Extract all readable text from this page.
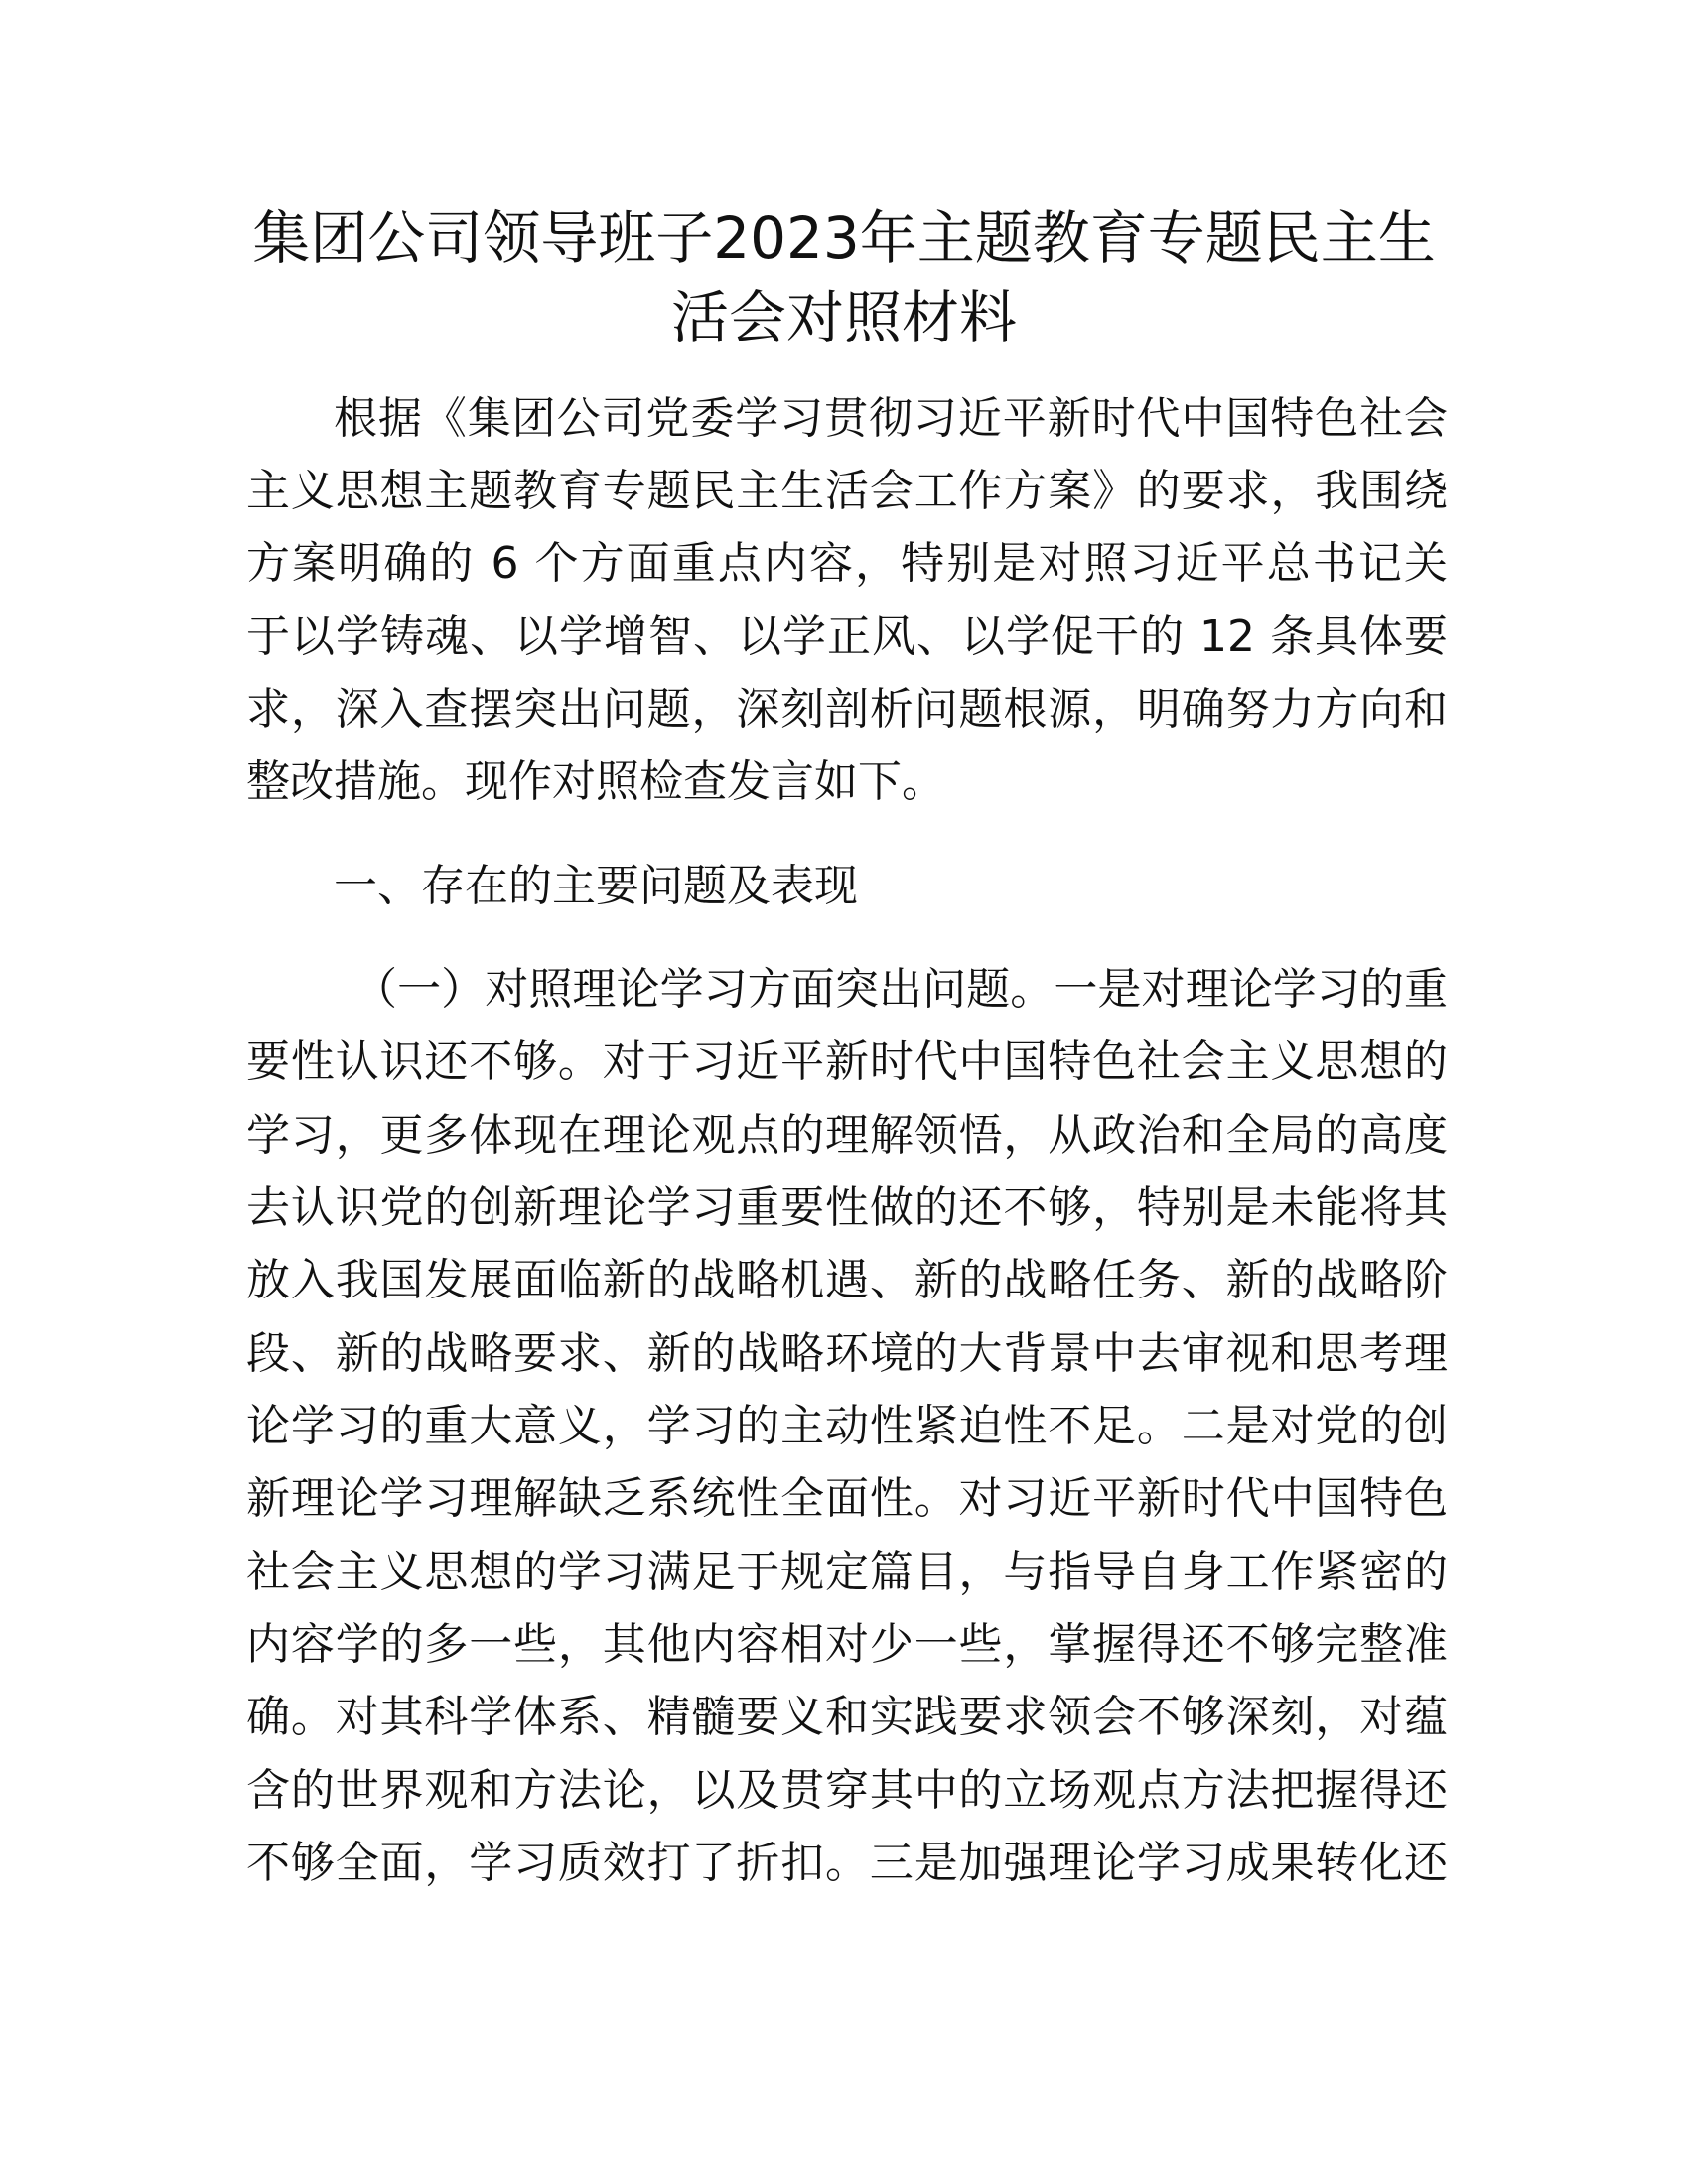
集团公司领导班子2023年主题教育专题民主生
活会对照材料
根据《集团公司党委学习贯彻习近平新时代中国特色社会
主义思想主题教育专题民主生活会工作方案》的要求，我围绕
方案明确的 6 个方面重点内容，特别是对照习近平总书记关
于以学铸魂、以学增智、以学正风、以学促干的 12 条具体要
求，深入查摆突出问题，深刻剖析问题根源，明确努力方向和
整改措施。现作对照检查发言如下。
一、存在的主要问题及表现
（一）对照理论学习方面突出问题。一是对理论学习的重
要性认识还不够。对于习近平新时代中国特色社会主义思想的
学习，更多体现在理论观点的理解领悟，从政治和全局的高度
去认识党的创新理论学习重要性做的还不够，特别是未能将其
放入我国发展面临新的战略机遇、新的战略任务、新的战略阶
段、新的战略要求、新的战略环境的大背景中去审视和思考理
论学习的重大意义，学习的主动性紧迫性不足。二是对党的创
新理论学习理解缺乏系统性全面性。对习近平新时代中国特色
社会主义思想的学习满足于规定篇目，与指导自身工作紧密的
内容学的多一些，其他内容相对少一些，掌握得还不够完整准
确。对其科学体系、精髓要义和实践要求领会不够深刻，对蕴
含的世界观和方法论，以及贯穿其中的立场观点方法把握得还
不够全面，学习质效打了折扣。三是加强理论学习成果转化还
